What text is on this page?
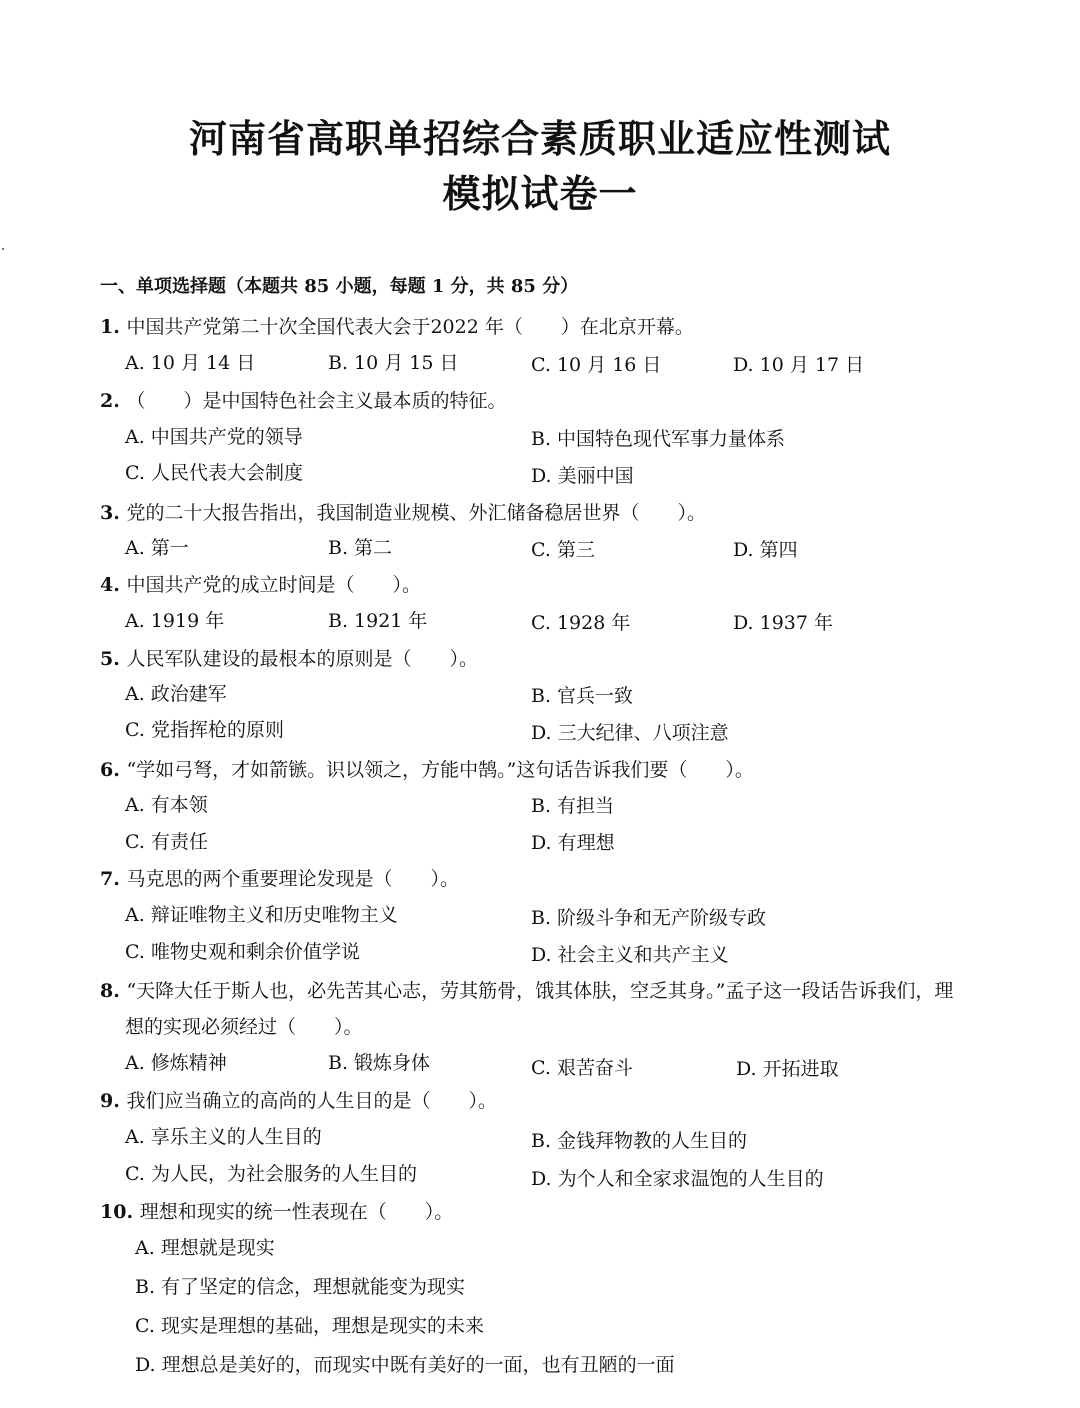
河南省高职单招综合素质职业适应性测试
模拟试卷一
一、单项选择题（本题共 85 小题，每题 1 分，共 85 分）
1. 中国共产党第二十次全国代表大会于2022 年（　　）在北京开幕。
A. 10 月 14 日	B. 10 月 15 日	C. 10 月 16 日	D. 10 月 17 日
2. （　　）是中国特色社会主义最本质的特征。
A. 中国共产党的领导	B. 中国特色现代军事力量体系
C. 人民代表大会制度	D. 美丽中国
3. 党的二十大报告指出，我国制造业规模、外汇储备稳居世界（　　）。
A. 第一	B. 第二	C. 第三	D. 第四
4. 中国共产党的成立时间是（　　）。
A. 1919 年	B. 1921 年	C. 1928 年	D. 1937 年
5. 人民军队建设的最根本的原则是（　　）。
A. 政治建军	B. 官兵一致
C. 党指挥枪的原则	D. 三大纪律、八项注意
6. “学如弓弩，才如箭镞。识以领之，方能中鹄。”这句话告诉我们要（　　）。
A. 有本领	B. 有担当
C. 有责任	D. 有理想
7. 马克思的两个重要理论发现是（　　）。
A. 辩证唯物主义和历史唯物主义	B. 阶级斗争和无产阶级专政
C. 唯物史观和剩余价值学说	D. 社会主义和共产主义
8. “天降大任于斯人也，必先苦其心志，劳其筋骨，饿其体肤，空乏其身。”孟子这一段话告诉我们，理
想的实现必须经过（　　）。
A. 修炼精神	B. 锻炼身体	C. 艰苦奋斗	D. 开拓进取
9. 我们应当确立的高尚的人生目的是（　　）。
A. 享乐主义的人生目的	B. 金钱拜物教的人生目的
C. 为人民，为社会服务的人生目的	D. 为个人和全家求温饱的人生目的
10. 理想和现实的统一性表现在（　　）。
A. 理想就是现实
B. 有了坚定的信念，理想就能变为现实
C. 现实是理想的基础，理想是现实的未来
D. 理想总是美好的，而现实中既有美好的一面，也有丑陋的一面
